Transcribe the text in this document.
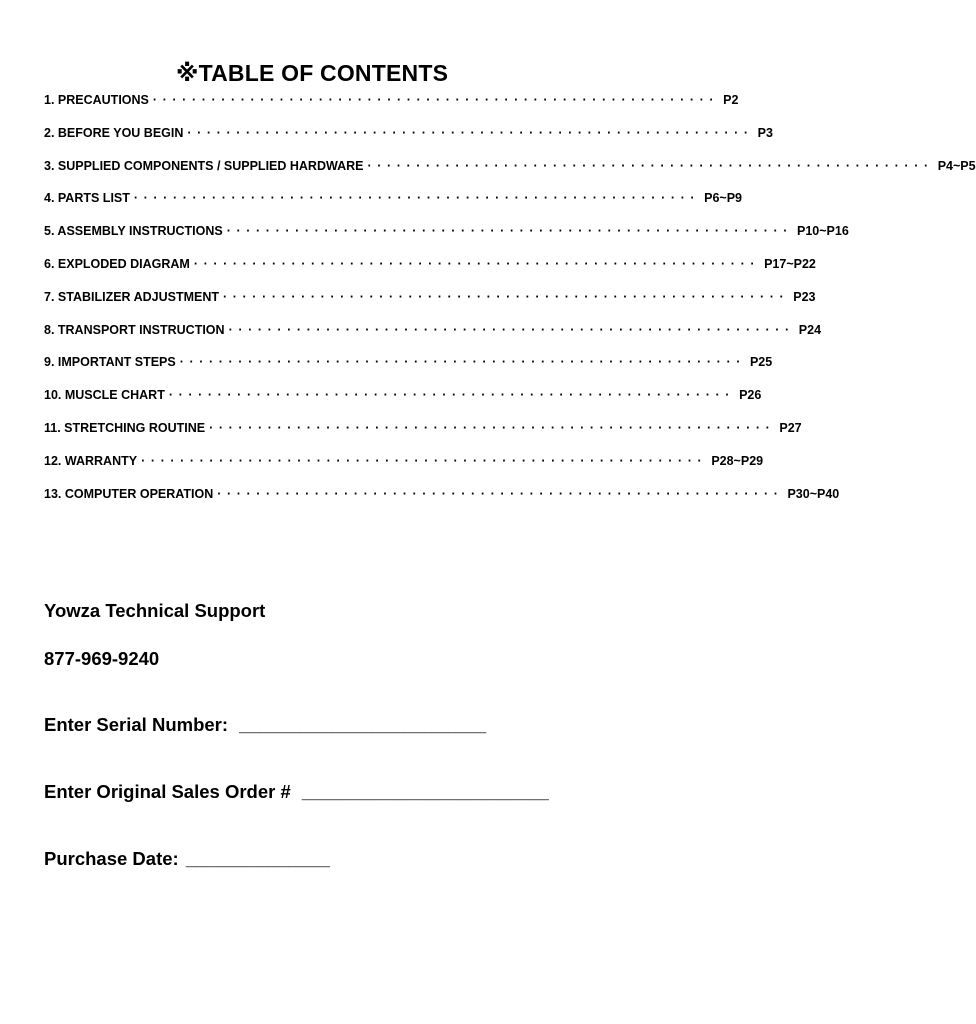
※TABLE OF CONTENTS
1. PRECAUTIONS ·························································· P2
2. BEFORE YOU BEGIN ·························································· P3
3. SUPPLIED COMPONENTS / SUPPLIED HARDWARE ·························································· P4~P5
4. PARTS LIST ·························································· P6~P9
5. ASSEMBLY INSTRUCTIONS ·························································· P10~P16
6. EXPLODED DIAGRAM ·························································· P17~P22
7. STABILIZER ADJUSTMENT ·························································· P23
8. TRANSPORT INSTRUCTION ·························································· P24
9. IMPORTANT STEPS ·························································· P25
10. MUSCLE CHART ·························································· P26
11. STRETCHING ROUTINE ·························································· P27
12. WARRANTY ·························································· P28~P29
13. COMPUTER OPERATION ·························································· P30~P40
Yowza Technical Support
877-969-9240
Enter Serial Number: ________________________
Enter Original Sales Order # ________________________
Purchase Date: ______________
